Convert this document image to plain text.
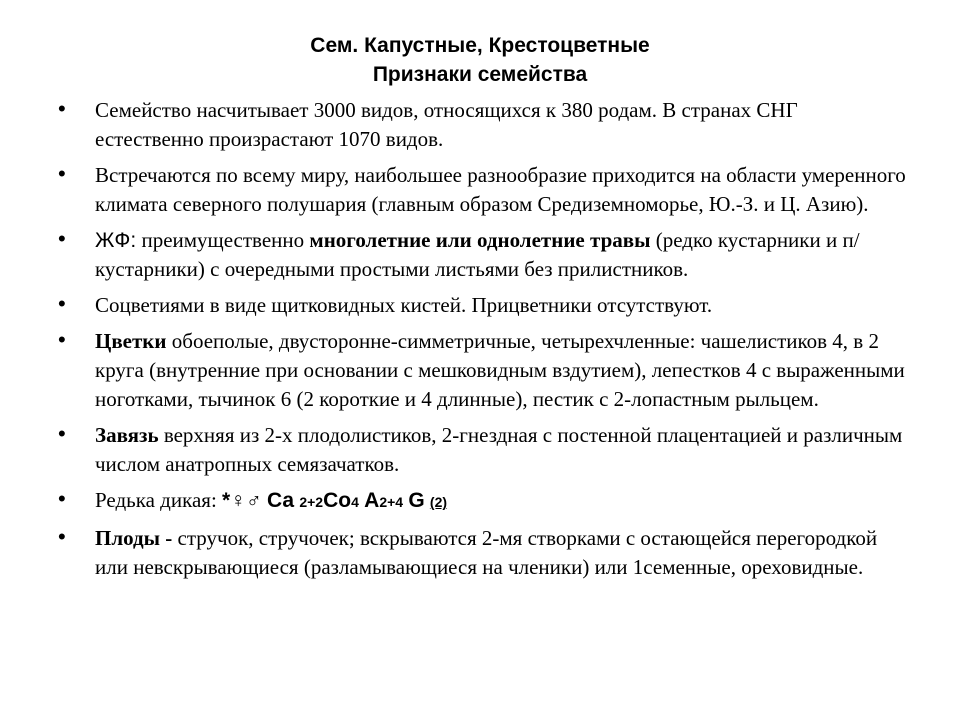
Сем. Капустные, Крестоцветные
Признаки семейства
• Семейство насчитывает 3000 видов, относящихся к 380 родам. В странах СНГ естественно произрастают 1070 видов.
• Встречаются по всему миру, наибольшее разнообразие приходится на области умеренного климата северного полушария (главным образом Средиземноморье, Ю.-З. и Ц. Азию).
• ЖФ: преимущественно многолетние или однолетние травы (редко кустарники и п/кустарники) с очередными простыми листьями без прилистников.
• Соцветиями в виде щитковидных кистей. Прицветники отсутствуют.
• Цветки обоеполые, двусторонне-симметричные, четырехчленные: чашелистиков 4, в 2 круга (внутренние при основании с мешковидным вздутием), лепестков 4 с выраженными ноготками, тычинок 6 (2 короткие и 4 длинные), пестик с 2-лопастным рыльцем.
• Завязь верхняя из 2-х плодолистиков, 2-гнездная с постенной плацентацией и различным числом анатропных семязачатков.
• Редька дикая: *♀♂ Са 2+2Со4 А2+4 G (2)
• Плоды - стручок, стручочек; вскрываются 2-мя створками с остающейся перегородкой или невскрывающиеся (разламывающиеся на членики) или 1семенные, ореховидные.
